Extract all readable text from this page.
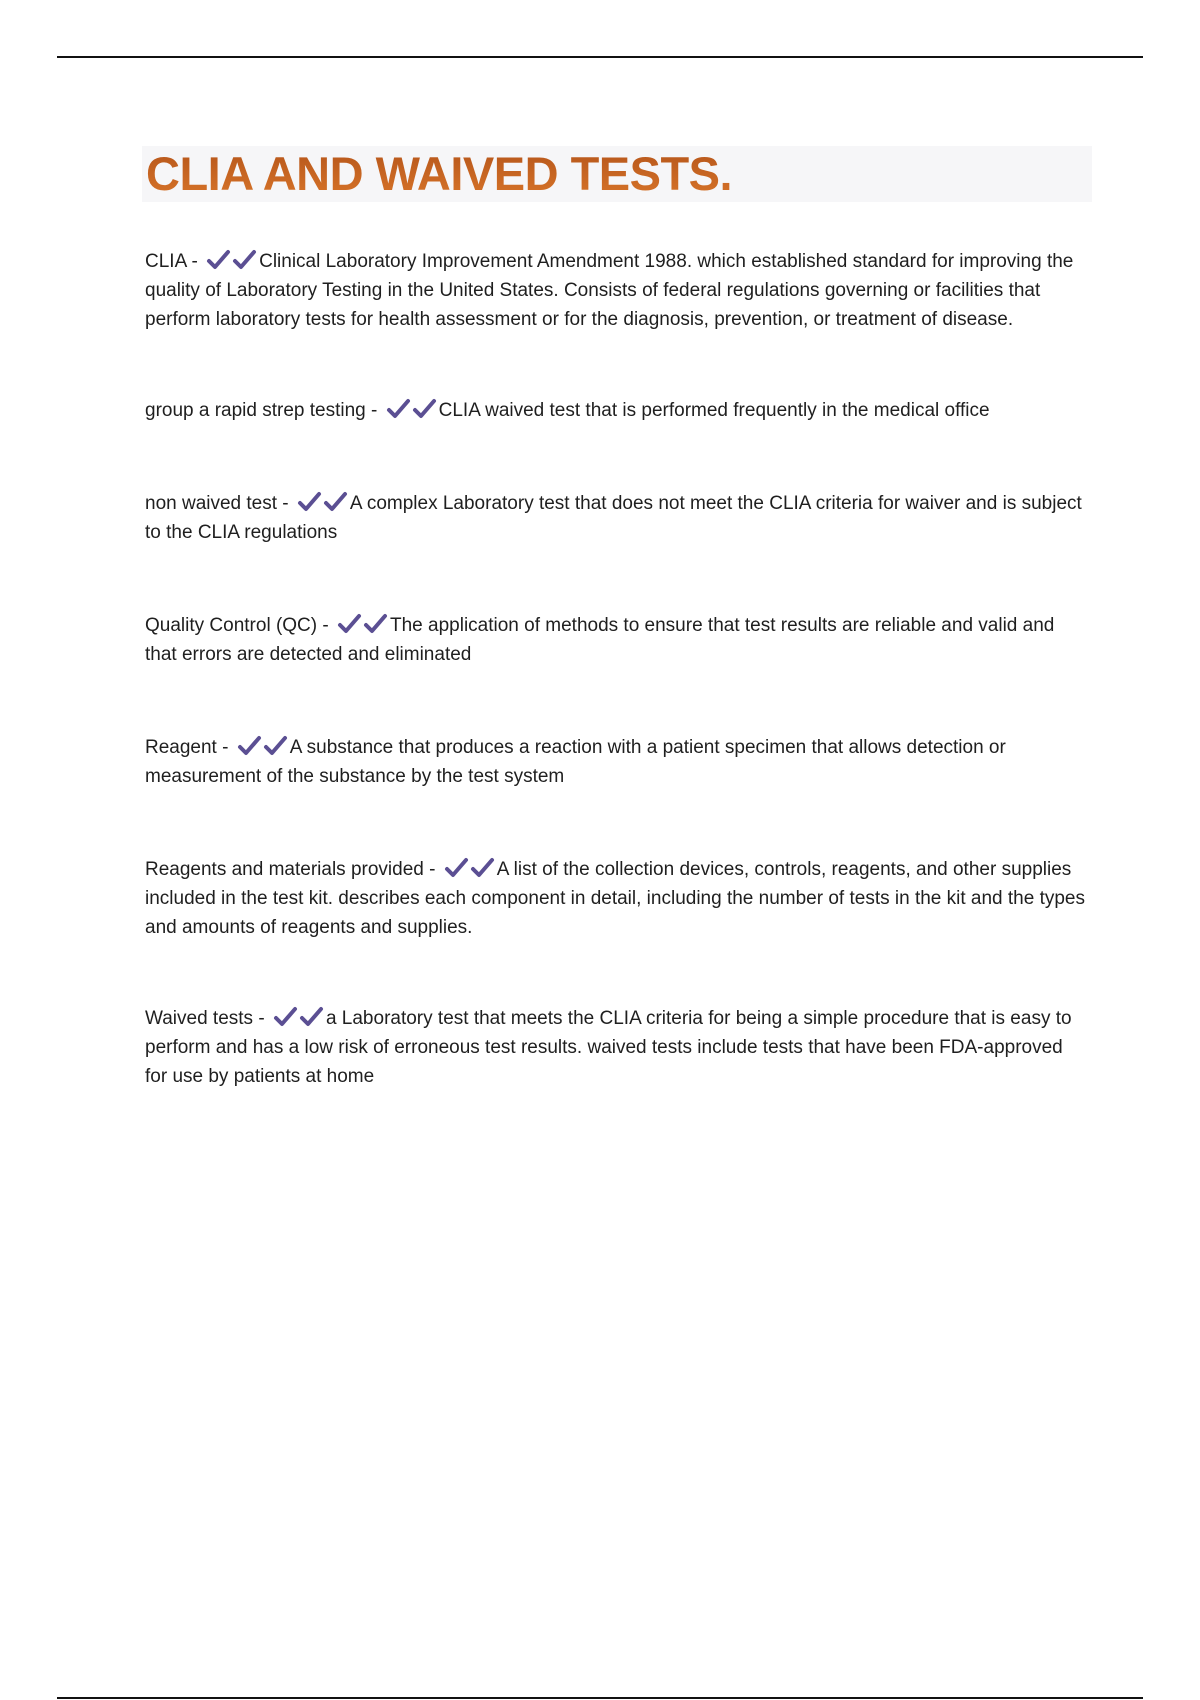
CLIA AND WAIVED TESTS.

CLIA -	Clinical Laboratory Improvement Amendment 1988. which established standard for improving the quality of Laboratory Testing in the United States. Consists of federal regulations governing or facilities that perform laboratory tests for health assessment or for the diagnosis, prevention, or treatment of disease.

group a rapid strep testing -	CLIA waived test that is performed frequently in the medical office

non waived test -	A complex Laboratory test that does not meet the CLIA criteria for waiver and is subject to the CLIA regulations

Quality Control (QC) -	The application of methods to ensure that test results are reliable and valid and that errors are detected and eliminated

Reagent -	A substance that produces a reaction with a patient specimen that allows detection or measurement of the substance by the test system

Reagents and materials provided -	A list of the collection devices, controls, reagents, and other supplies included in the test kit. describes each component in detail, including the number of tests in the kit and the types and amounts of reagents and supplies.

Waived tests -	a Laboratory test that meets the CLIA criteria for being a simple procedure that is easy to perform and has a low risk of erroneous test results. waived tests include tests that have been FDA-approved for use by patients at home
